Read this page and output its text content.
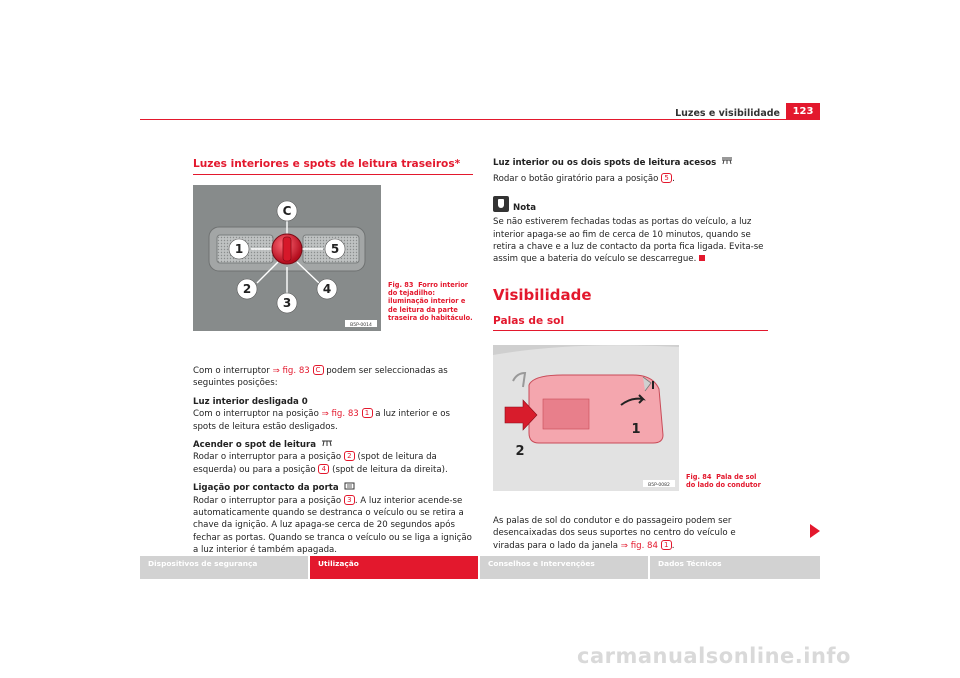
Luzes e visibilidade	123
Luzes interiores e spots de leitura traseiros*
C
1	5
2	4
3
B5P-0014
Fig. 83 Forro interior do tejadilho: iluminação interior e de leitura da parte traseira do habitáculo.
Com o interruptor ⇒ fig. 83 C podem ser seleccionadas as seguintes posições:
Luz interior desligada 0
Com o interruptor na posição ⇒ fig. 83 1 a luz interior e os spots de leitura estão desligados.
Acender o spot de leitura
Rodar o interruptor para a posição 2 (spot de leitura da esquerda) ou para a posição 4 (spot de leitura da direita).
Ligação por contacto da porta
Rodar o interruptor para a posição 3 . A luz interior acende-se automaticamente quando se destranca o veículo ou se retira a chave da ignição. A luz apaga-se cerca de 20 segundos após fechar as portas. Quando se tranca o veículo ou se liga a ignição a luz interior é também apagada.
Luz interior ou os dois spots de leitura acesos
Rodar o botão giratório para a posição 5 .
Nota
Se não estiverem fechadas todas as portas do veículo, a luz interior apaga-se ao fim de cerca de 10 minutos, quando se retira a chave e a luz de contacto da porta fica ligada. Evita-se assim que a bateria do veículo se descarregue.
Visibilidade
Palas de sol
1
2
B5P-0082
Fig. 84 Pala de sol do lado do condutor
As palas de sol do condutor e do passageiro podem ser desencaixadas dos seus suportes no centro do veículo e viradas para o lado da janela ⇒ fig. 84 1 .
Dispositivos de segurança	Utilização	Conselhos e Intervenções	Dados Técnicos
carmanualsonline.info
